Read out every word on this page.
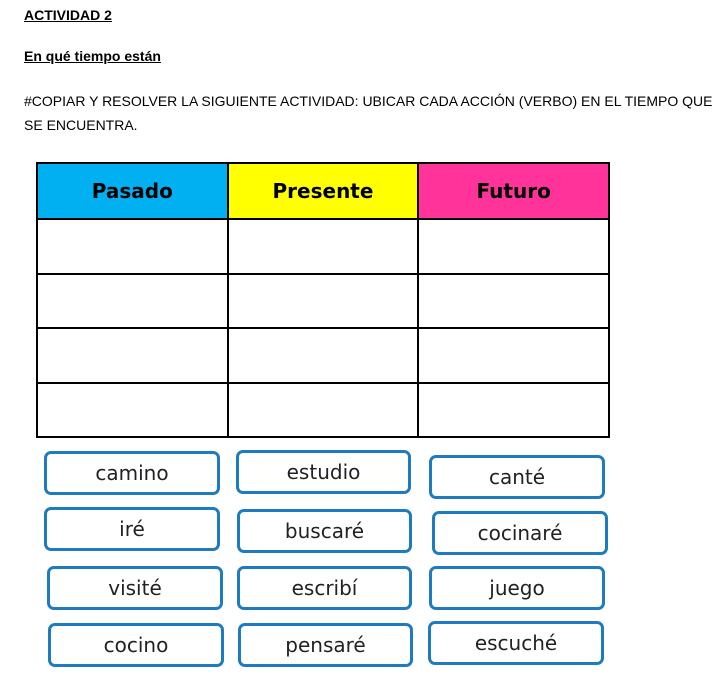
ACTIVIDAD 2
En qué tiempo están
#COPIAR Y RESOLVER LA SIGUIENTE ACTIVIDAD: UBICAR CADA ACCIÓN (VERBO) EN EL TIEMPO QUE SE ENCUENTRA.
Pasado	Presente	Futuro

camino	estudio	canté
iré	buscaré	cocinaré
visité	escribí	juego
cocino	pensaré	escuché
